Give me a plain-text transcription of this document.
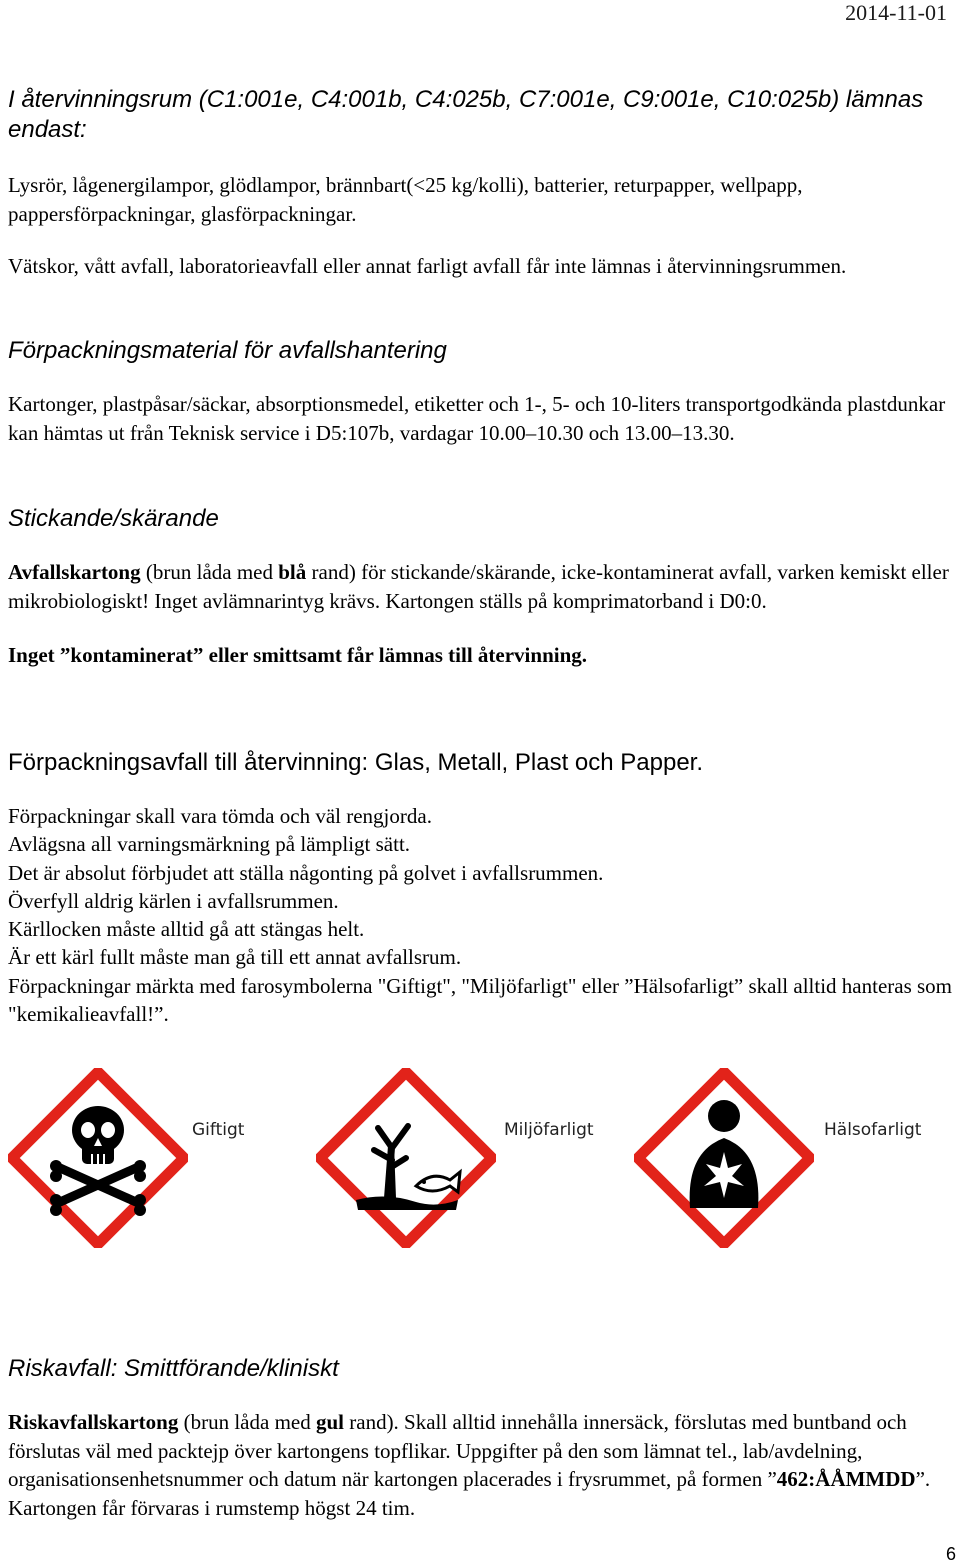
2014-11-01
I återvinningsrum (C1:001e, C4:001b, C4:025b, C7:001e, C9:001e, C10:025b) lämnas endast:

Lysrör, lågenergilampor, glödlampor, brännbart(<25 kg/kolli), batterier, returpapper, wellpapp, pappersförpackningar, glasförpackningar.

Vätskor, vått avfall, laboratorieavfall eller annat farligt avfall får inte lämnas i återvinningsrummen.

Förpackningsmaterial för avfallshantering

Kartonger, plastpåsar/säckar, absorptionsmedel, etiketter och 1-, 5- och 10-liters transportgodkända plastdunkar kan hämtas ut från Teknisk service i D5:107b, vardagar 10.00–10.30 och 13.00–13.30.

Stickande/skärande

Avfallskartong (brun låda med blå rand) för stickande/skärande, icke-kontaminerat avfall, varken kemiskt eller mikrobiologiskt! Inget avlämnarintyg krävs. Kartongen ställs på komprimatorband i D0:0.

Inget ”kontaminerat” eller smittsamt får lämnas till återvinning.

Förpackningsavfall till återvinning: Glas, Metall, Plast och Papper.

Förpackningar skall vara tömda och väl rengjorda.

Avlägsna all varningsmärkning på lämpligt sätt.

Det är absolut förbjudet att ställa någonting på golvet i avfallsrummen.

Överfyll aldrig kärlen i avfallsrummen.

Kärllocken måste alltid gå att stängas helt.

Är ett kärl fullt måste man gå till ett annat avfallsrum.

Förpackningar märkta med farosymbolerna "Giftigt", "Miljöfarligt" eller ”Hälsofarligt” skall alltid hanteras som "kemikalieavfall!”.

Giftigt	Miljöfarligt	Hälsofarligt
Riskavfall: Smittförande/kliniskt

Riskavfallskartong (brun låda med gul rand). Skall alltid innehålla innersäck, förslutas med buntband och förslutas väl med packtejp över kartongens topflikar. Uppgifter på den som lämnat tel., lab/avdelning, organisationsenhetsnummer och datum när kartongen placerades i frysrummet, på formen ”462:ÅÅMMDD”. Kartongen får förvaras i rumstemp högst 24 tim.

6
